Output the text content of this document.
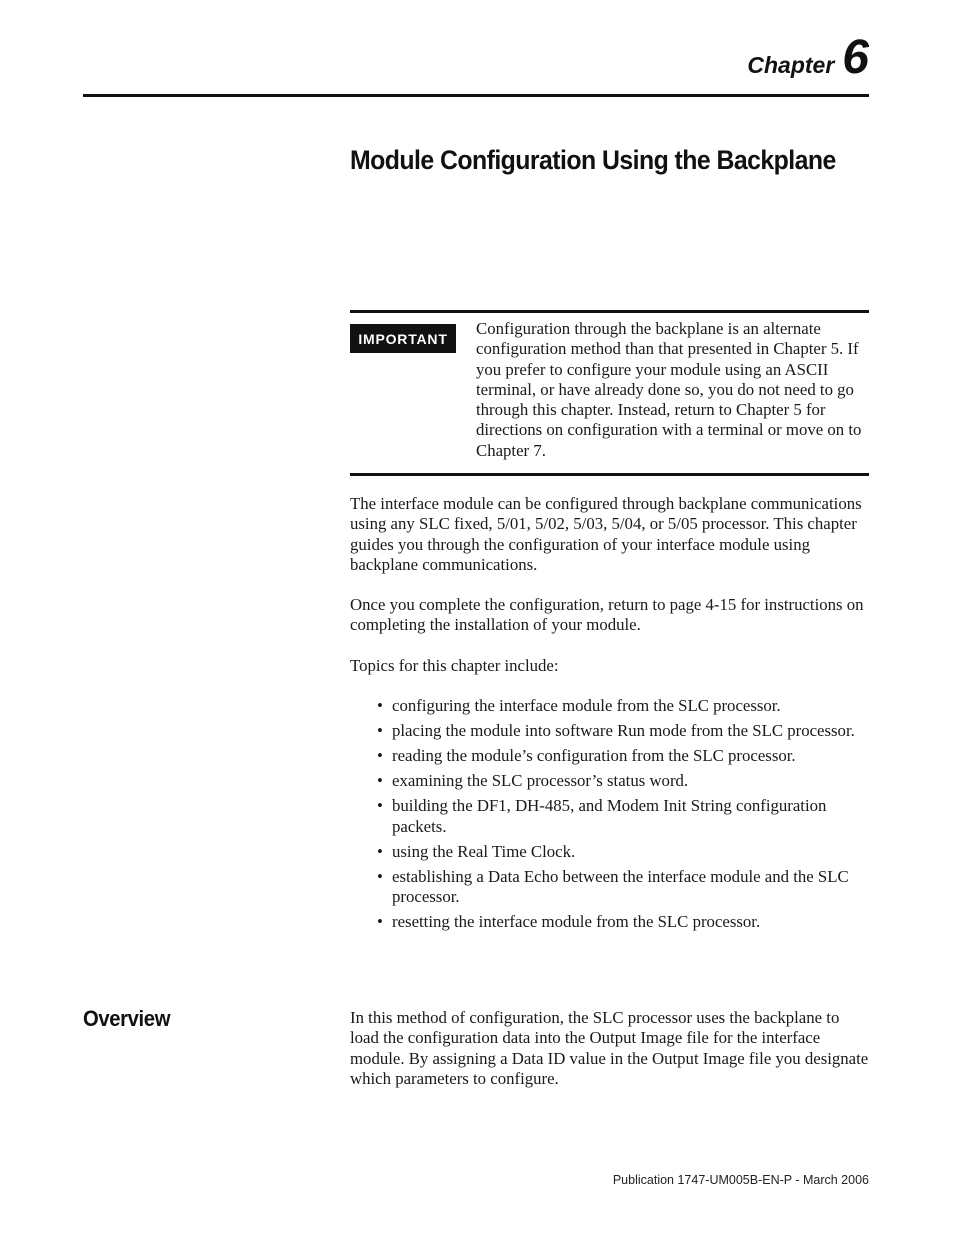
Chapter 6
Module Configuration Using the Backplane
IMPORTANT

Configuration through the backplane is an alternate configuration method than that presented in Chapter 5. If you prefer to configure your module using an ASCII terminal, or have already done so, you do not need to go through this chapter. Instead, return to Chapter 5 for directions on configuration with a terminal or move on to Chapter 7.

The interface module can be configured through backplane communications using any SLC fixed, 5/01, 5/02, 5/03, 5/04, or 5/05 processor. This chapter guides you through the configuration of your interface module using backplane communications.

Once you complete the configuration, return to page 4-15 for instructions on completing the installation of your module.

Topics for this chapter include:

• configuring the interface module from the SLC processor.
• placing the module into software Run mode from the SLC processor.
• reading the module’s configuration from the SLC processor.
• examining the SLC processor’s status word.
• building the DF1, DH-485, and Modem Init String configuration packets.
• using the Real Time Clock.
• establishing a Data Echo between the interface module and the SLC processor.
• resetting the interface module from the SLC processor.
Overview	In this method of configuration, the SLC processor uses the backplane to load the configuration data into the Output Image file for the interface module. By assigning a Data ID value in the Output Image file you designate which parameters to configure.

Publication 1747-UM005B-EN-P - March 2006
